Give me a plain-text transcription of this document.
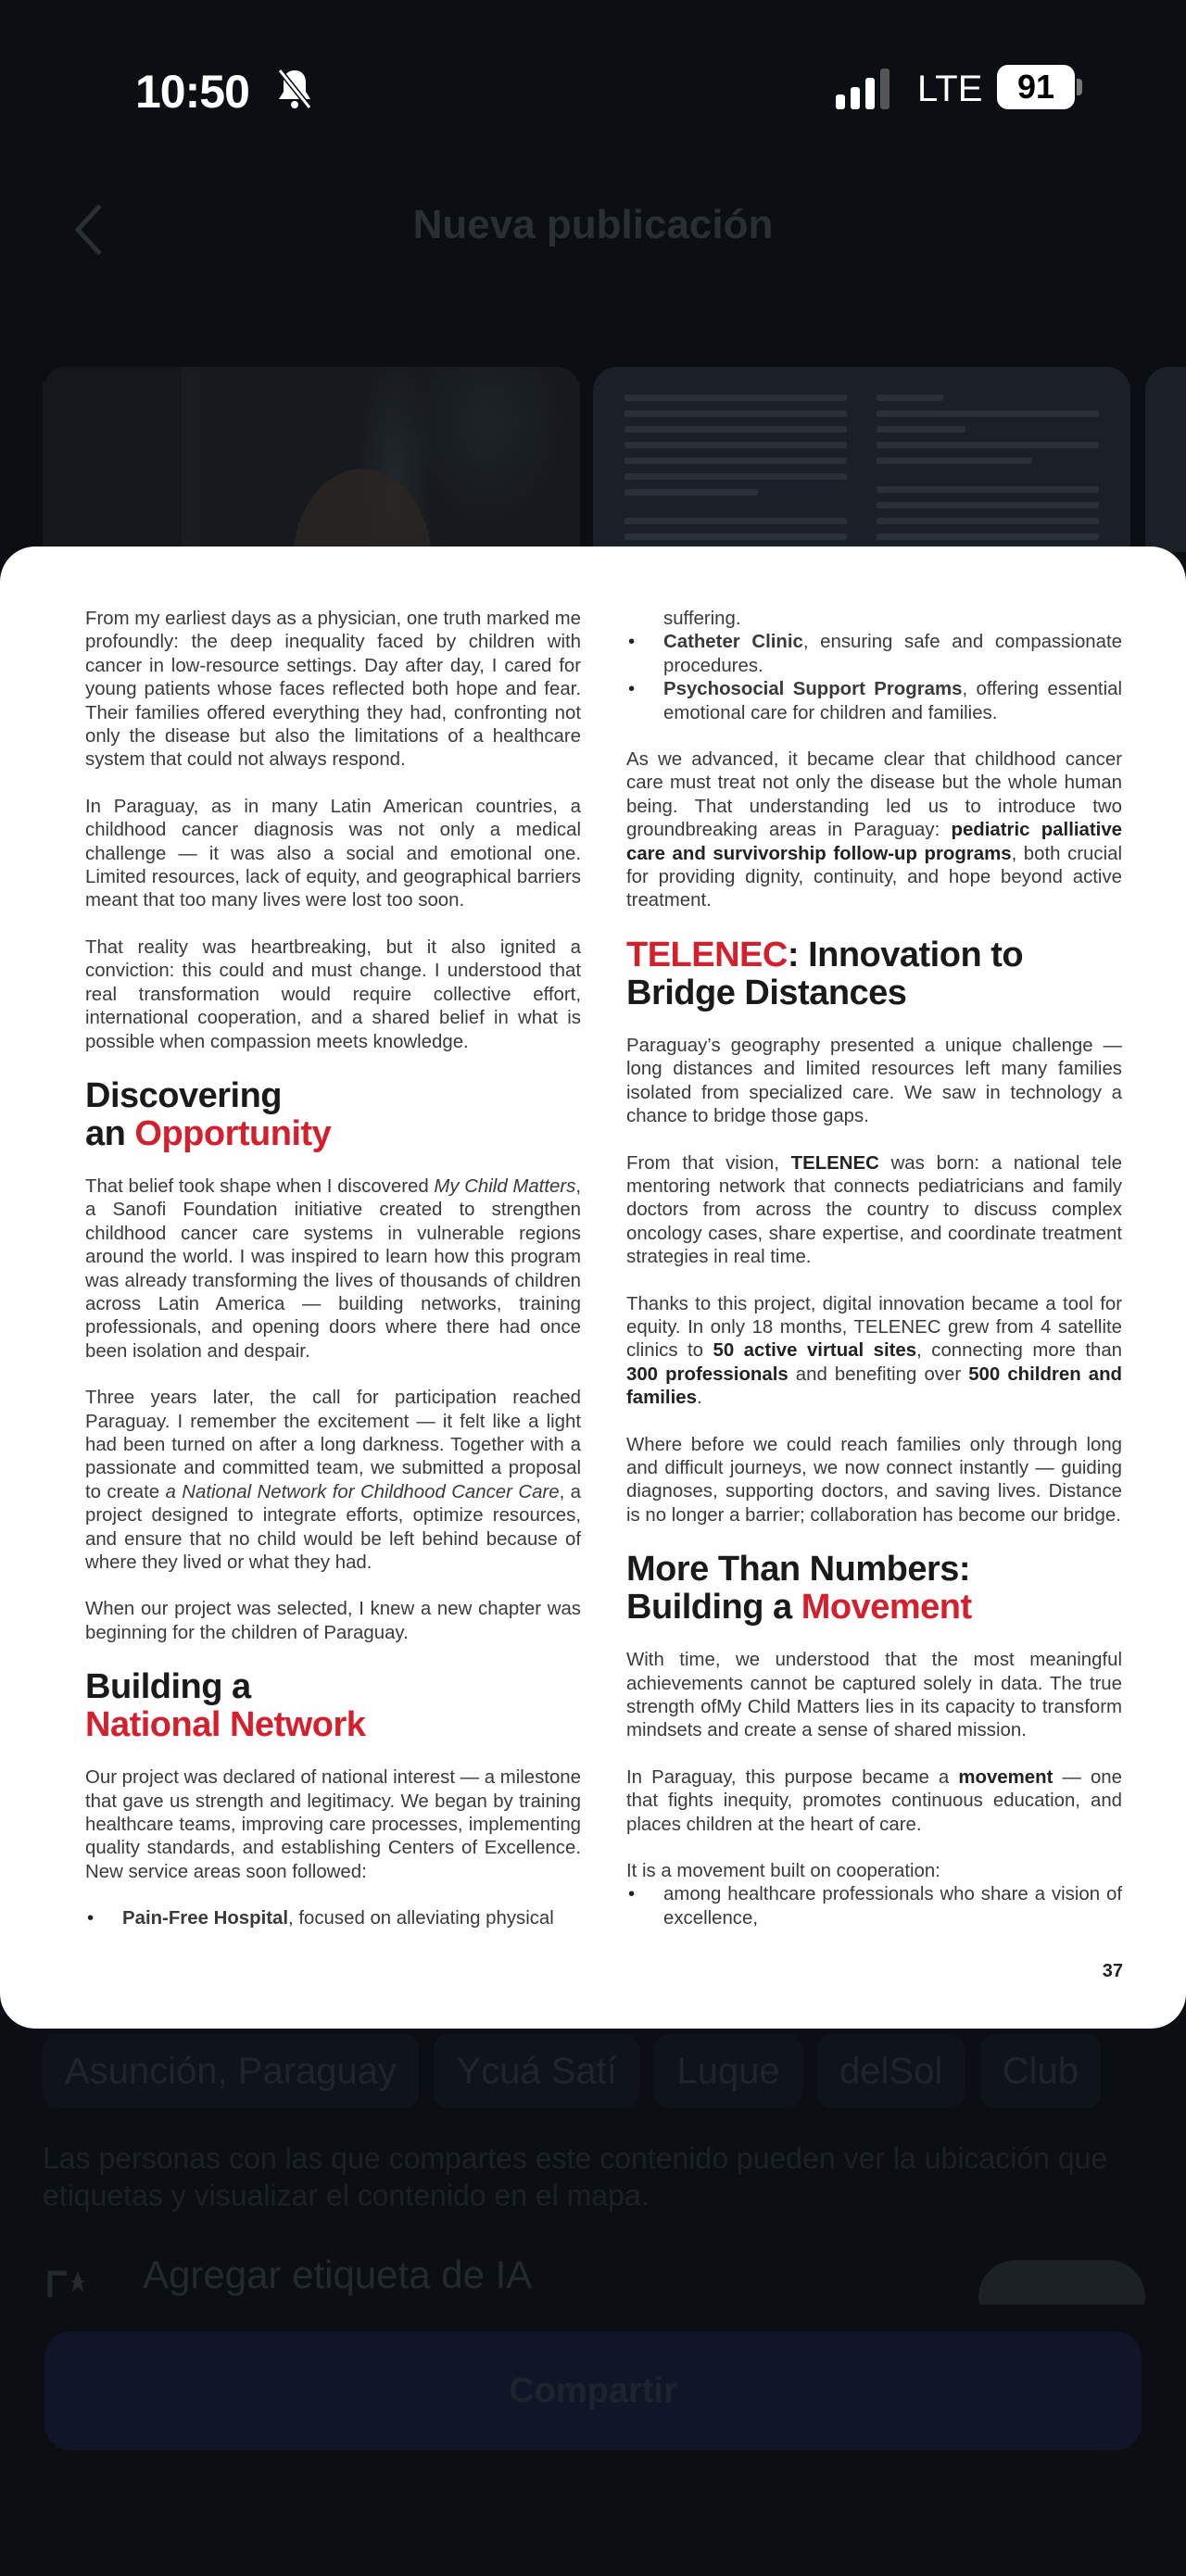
10:50	LTE	91
Nueva publicación

From my earliest days as a physician, one truth marked me profoundly: the deep inequality faced by children with cancer in low-resource settings. Day after day, I cared for young patients whose faces reflected both hope and fear. Their families offered everything they had, confronting not only the disease but also the limitations of a healthcare system that could not always respond.

In Paraguay, as in many Latin American countries, a childhood cancer diagnosis was not only a medical challenge — it was also a social and emotional one. Limited resources, lack of equity, and geographical barriers meant that too many lives were lost too soon.

That reality was heartbreaking, but it also ignited a conviction: this could and must change. I understood that real transformation would require collective effort, international cooperation, and a shared belief in what is possible when compassion meets knowledge.

Discovering
an Opportunity

That belief took shape when I discovered My Child Matters, a Sanofi Foundation initiative created to strengthen childhood cancer care systems in vulnerable regions around the world. I was inspired to learn how this program was already transforming the lives of thousands of children across Latin America — building networks, training professionals, and opening doors where there had once been isolation and despair.

Three years later, the call for participation reached Paraguay. I remember the excitement — it felt like a light had been turned on after a long darkness. Together with a passionate and committed team, we submitted a proposal to create a National Network for Childhood Cancer Care, a project designed to integrate efforts, optimize resources, and ensure that no child would be left behind because of where they lived or what they had.

When our project was selected, I knew a new chapter was beginning for the children of Paraguay.

Building a
National Network

Our project was declared of national interest — a milestone that gave us strength and legitimacy. We began by training healthcare teams, improving care processes, implementing quality standards, and establishing Centers of Excellence. New service areas soon followed:

• Pain-Free Hospital, focused on alleviating physical
suffering.
• Catheter Clinic, ensuring safe and compassionate procedures.
• Psychosocial Support Programs, offering essential emotional care for children and families.

As we advanced, it became clear that childhood cancer care must treat not only the disease but the whole human being. That understanding led us to introduce two groundbreaking areas in Paraguay: pediatric palliative care and survivorship follow-up programs, both crucial for providing dignity, continuity, and hope beyond active treatment.

TELENEC: Innovation to
Bridge Distances

Paraguay’s geography presented a unique challenge — long distances and limited resources left many families isolated from specialized care. We saw in technology a chance to bridge those gaps.

From that vision, TELENEC was born: a national tele mentoring network that connects pediatricians and family doctors from across the country to discuss complex oncology cases, share expertise, and coordinate treatment strategies in real time.

Thanks to this project, digital innovation became a tool for equity. In only 18 months, TELENEC grew from 4 satellite clinics to 50 active virtual sites, connecting more than 300 professionals and benefiting over 500 children and families.

Where before we could reach families only through long and difficult journeys, we now connect instantly — guiding diagnoses, supporting doctors, and saving lives. Distance is no longer a barrier; collaboration has become our bridge.

More Than Numbers:
Building a Movement

With time, we understood that the most meaningful achievements cannot be captured solely in data. The true strength ofMy Child Matters lies in its capacity to transform mindsets and create a sense of shared mission.

In Paraguay, this purpose became a movement — one that fights inequity, promotes continuous education, and places children at the heart of care.

It is a movement built on cooperation:

• among healthcare professionals who share a vision of excellence,
37
Asunción, Paraguay Ycuá Satí Luque delSol Club

Las personas con las que compartes este contenido pueden ver la ubicación que etiquetas y visualizar el contenido en el mapa.

Agregar etiqueta de IA
Compartir
